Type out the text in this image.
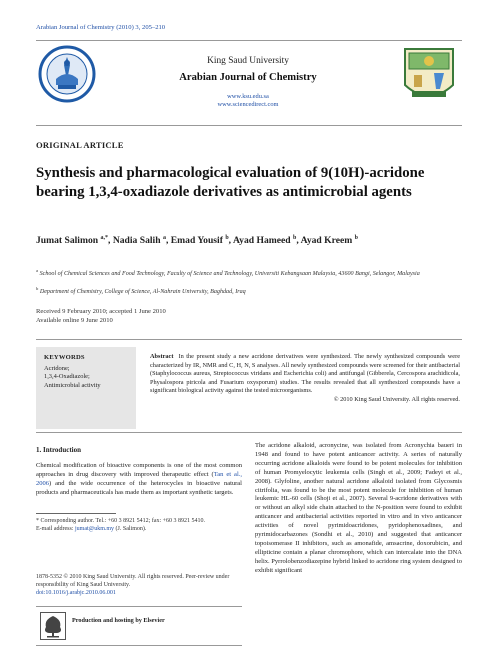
Arabian Journal of Chemistry (2010) 3, 205–210
King Saud University
Arabian Journal of Chemistry
www.ksu.edu.sa
www.sciencedirect.com
ORIGINAL ARTICLE
Synthesis and pharmacological evaluation of 9(10H)-acridone bearing 1,3,4-oxadiazole derivatives as antimicrobial agents
Jumat Salimon $^{a,*}$, Nadia Salih $^a$, Emad Yousif $^b$, Ayad Hameed $^b$, Ayad Kreem $^b$
$^a$ School of Chemical Sciences and Food Technology, Faculty of Science and Technology, Universiti Kebangsaan Malaysia, 43600 Bangi, Selangor, Malaysia
$^b$ Department of Chemistry, College of Science, Al-Nahrain University, Baghdad, Iraq
Received 9 February 2010; accepted 1 June 2010
Available online 9 June 2010
KEYWORDS
Acridone;
1,3,4-Oxadiazole;
Antimicrobial activity
Abstract In the present study a new acridone derivatives were synthesized. The newly synthesized compounds were characterized by IR, NMR and C, H, N, S analyses. All newly synthesized compounds were screened for their antibacterial (Staphylococcus aureus, Streptococcus viridans and Escherichia coli) and antifungal (Gibberela, Cercospora arachidicola, Physalospora piricola and Fusarium oxysporum) studies. The results revealed that all synthesized compounds have a significant biological activity against the tested microorganisms.
© 2010 King Saud University. All rights reserved.
1. Introduction
Chemical modification of bioactive components is one of the most common approaches in drug discovery with improved therapeutic effect (Tan et al., 2006) and the wide occurrence of the heterocycles in bioactive natural products and pharmaceuticals has made them as important synthetic targets.
The acridone alkaloid, acronycine, was isolated from Acronychia baueri in 1948 and found to have potent anticancer activity. A series of naturally occurring acridone alkaloids were found to be potent molecules for inhibition of human Promyelocytic leukemia cells (Singh et al., 2009; Fadeyi et al., 2008). Glyfoline, another natural acridone alkaloid isolated from Glycosmis citrifolia, was found to be the most potent molecule for inhibition of human leukemic HL-60 cells (Shoji et al., 2007). Several 9-acridone derivatives with or without an alkyl side chain attached to the N-position were found to exhibit anticancer and antibacterial activities reported in vitro and in vivo anticancer activities of novel pyrimidoacridones, pyridophenoxadines, and pyrimidocarbazones (Sondhi et al., 2010) and suggested that anticancer topoisomerase II inhibitors, such as amonafide, amsacrine, doxorubicin, and ellipticine contain a planar chromophore, which can intercalate into the DNA helix. Pyrrolobenzodiazepine hybrid linked to acridone ring system designed to exhibit significant
* Corresponding author. Tel.: +60 3 8921 5412; fax: +60 3 8921 5410.
E-mail address: jumat@ukm.my (J. Salimon).
1878-5352 © 2010 King Saud University. All rights reserved. Peer-review under responsibility of King Saud University.
doi:10.1016/j.arabjc.2010.06.001
Production and hosting by Elsevier
